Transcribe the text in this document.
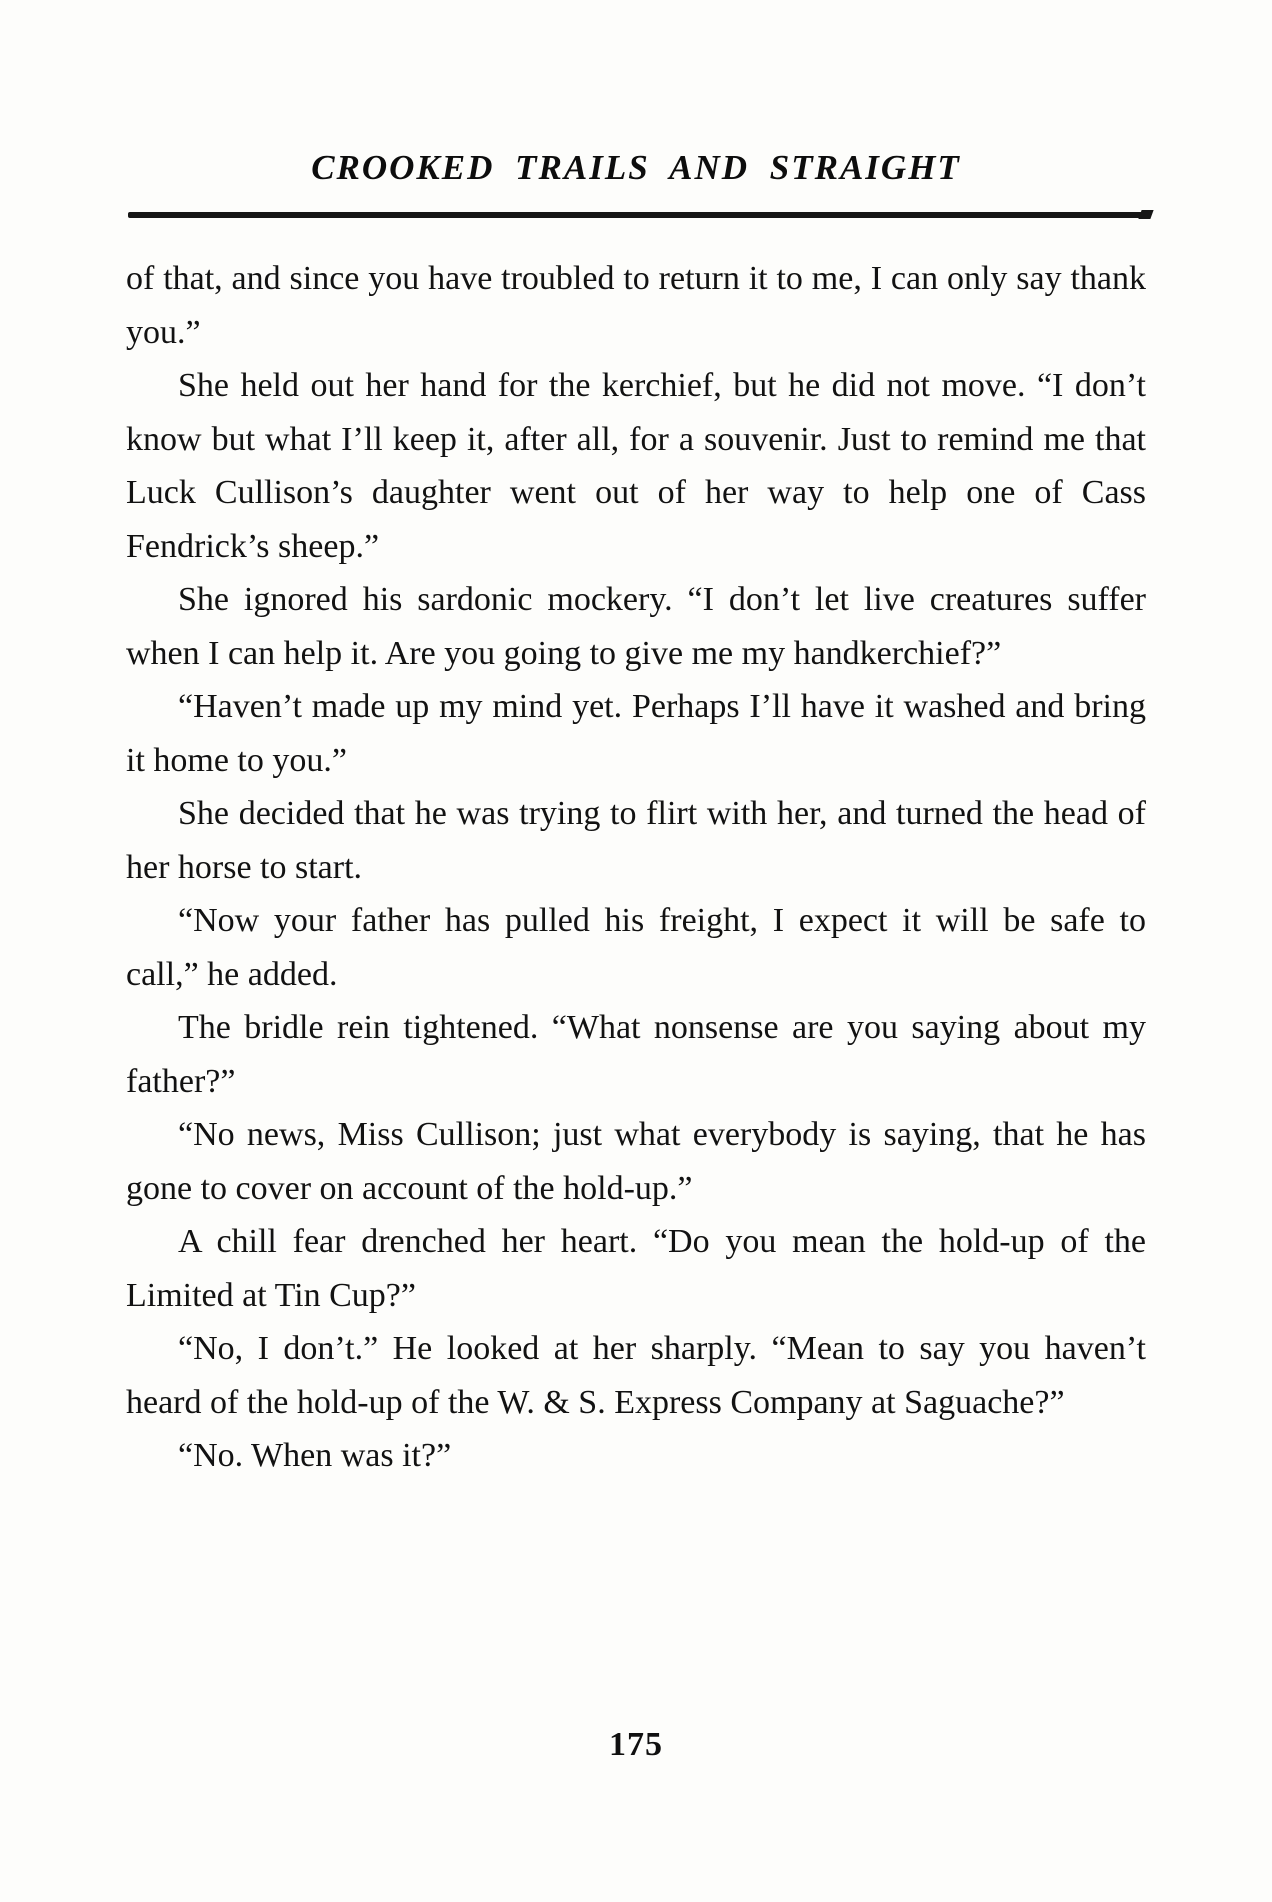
CROOKED TRAILS AND STRAIGHT

of that, and since you have troubled to return it to me, I can only say thank you.”

She held out her hand for the kerchief, but he did not move. “I don’t know but what I’ll keep it, after all, for a souvenir. Just to remind me that Luck Cullison’s daughter went out of her way to help one of Cass Fendrick’s sheep.”

She ignored his sardonic mockery. “I don’t let live creatures suffer when I can help it. Are you going to give me my handkerchief?”

“Haven’t made up my mind yet. Perhaps I’ll have it washed and bring it home to you.”

She decided that he was trying to flirt with her, and turned the head of her horse to start.

“Now your father has pulled his freight, I expect it will be safe to call,” he added.

The bridle rein tightened. “What nonsense are you saying about my father?”

“No news, Miss Cullison; just what everybody is saying, that he has gone to cover on account of the hold-up.”

A chill fear drenched her heart. “Do you mean the hold-up of the Limited at Tin Cup?”

“No, I don’t.” He looked at her sharply. “Mean to say you haven’t heard of the hold-up of the W. & S. Express Company at Saguache?”

“No. When was it?”

175
